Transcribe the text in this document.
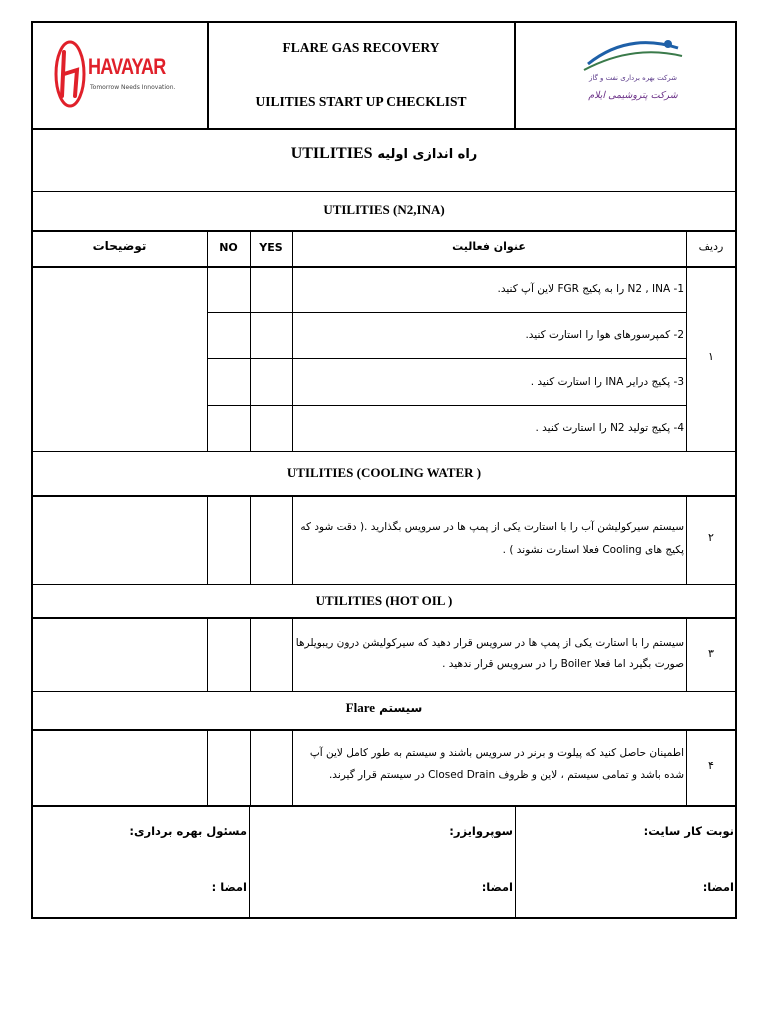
HAVAYAR
Tomorrow Needs Innovation.
FLARE GAS RECOVERY
UILITIES START UP CHECKLIST
شرکت بهره برداری نفت و گاز
شرکت پتروشیمی ایلام
UTILITIES راه اندازی اولیه
UTILITIES (N2,INA)
ردیف
عنوان فعالیت
YES
NO
توضیحات
۱
1- N2 , INA را به پکیج FGR لاین آپ کنید.
2- کمپرسورهای هوا را استارت کنید.
3- پکیج درایر INA را استارت کنید .
4- پکیج تولید N2 را استارت کنید .
UTILITIES (COOLING WATER )
۲
سیستم سیرکولیشن آب را با استارت یکی از پمپ ها در سرویس بگذارید .( دقت شود که
پکیج های Cooling فعلا استارت نشوند ) .
UTILITIES (HOT OIL )
۳
سیستم را با استارت یکی از پمپ ها در سرویس قرار دهید که سیرکولیشن درون ریبویلرها
صورت بگیرد اما فعلا Boiler را در سرویس قرار ندهید .
Flare سیستم
۴
اطمینان حاصل کنید که پیلوت و برنر در سرویس باشند و سیستم به طور کامل لاین آپ
شده باشد و تمامی سیستم ، لاین و ظروف Closed Drain در سیستم قرار گیرند.
نوبت کار سایت:
سوپروایزر:
مسئول بهره برداری:
امضا:
امضا:
امضا :
